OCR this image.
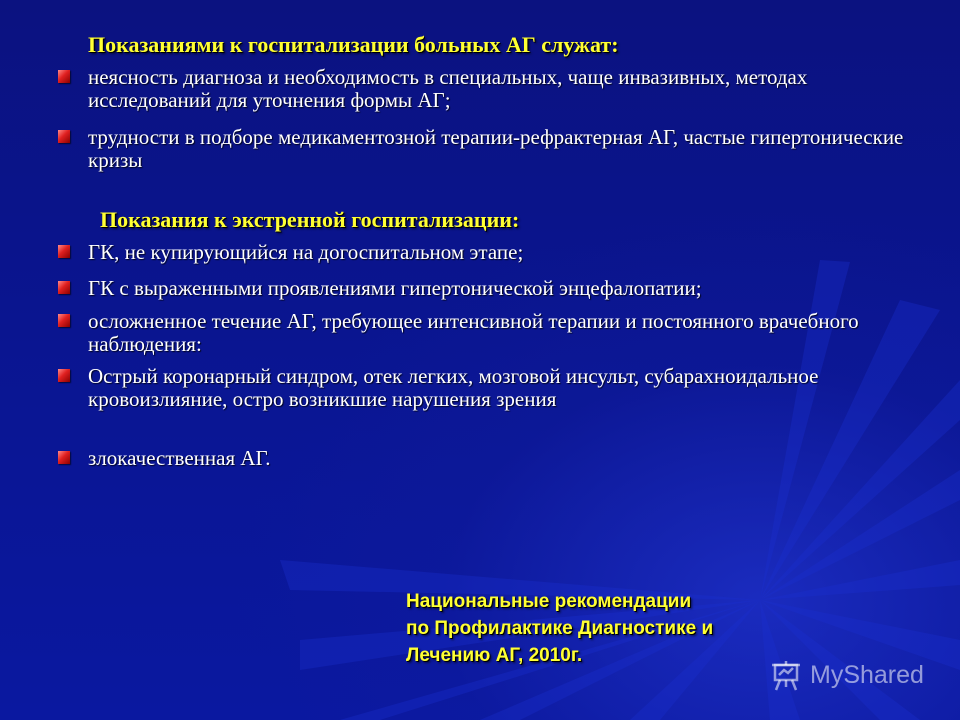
Показаниями к госпитализации больных АГ служат:
неясность диагноза и необходимость в специальных, чаще инвазивных, методах исследований для уточнения формы АГ;
трудности в подборе медикаментозной терапии-рефрактерная АГ, частые гипертонические кризы
Показания к экстренной госпитализации:
ГК, не купирующийся на догоспитальном этапе;
ГК с выраженными проявлениями гипертонической энцефалопатии;
осложненное течение АГ, требующее интенсивной терапии и постоянного врачебного наблюдения:
Острый коронарный синдром, отек легких, мозговой инсульт, субарахноидальное кровоизлияние, остро возникшие нарушения зрения
злокачественная АГ.
Национальные рекомендации
по Профилактике Диагностике и
Лечению АГ, 2010г.
MyShared
